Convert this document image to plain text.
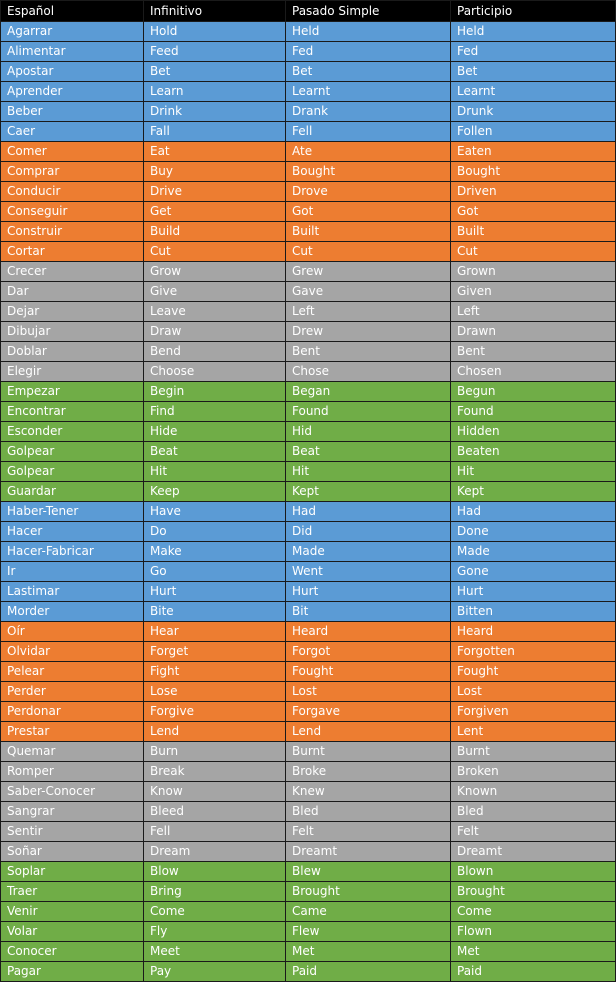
Español	Infinitivo	Pasado Simple	Participio
Agarrar	Hold	Held	Held
Alimentar	Feed	Fed	Fed
Apostar	Bet	Bet	Bet
Aprender	Learn	Learnt	Learnt
Beber	Drink	Drank	Drunk
Caer	Fall	Fell	Follen
Comer	Eat	Ate	Eaten
Comprar	Buy	Bought	Bought
Conducir	Drive	Drove	Driven
Conseguir	Get	Got	Got
Construir	Build	Built	Built
Cortar	Cut	Cut	Cut
Crecer	Grow	Grew	Grown
Dar	Give	Gave	Given
Dejar	Leave	Left	Left
Dibujar	Draw	Drew	Drawn
Doblar	Bend	Bent	Bent
Elegir	Choose	Chose	Chosen
Empezar	Begin	Began	Begun
Encontrar	Find	Found	Found
Esconder	Hide	Hid	Hidden
Golpear	Beat	Beat	Beaten
Golpear	Hit	Hit	Hit
Guardar	Keep	Kept	Kept
Haber-Tener	Have	Had	Had
Hacer	Do	Did	Done
Hacer-Fabricar	Make	Made	Made
Ir	Go	Went	Gone
Lastimar	Hurt	Hurt	Hurt
Morder	Bite	Bit	Bitten
Oír	Hear	Heard	Heard
Olvidar	Forget	Forgot	Forgotten
Pelear	Fight	Fought	Fought
Perder	Lose	Lost	Lost
Perdonar	Forgive	Forgave	Forgiven
Prestar	Lend	Lend	Lent
Quemar	Burn	Burnt	Burnt
Romper	Break	Broke	Broken
Saber-Conocer	Know	Knew	Known
Sangrar	Bleed	Bled	Bled
Sentir	Fell	Felt	Felt
Soñar	Dream	Dreamt	Dreamt
Soplar	Blow	Blew	Blown
Traer	Bring	Brought	Brought
Venir	Come	Came	Come
Volar	Fly	Flew	Flown
Conocer	Meet	Met	Met
Pagar	Pay	Paid	Paid
